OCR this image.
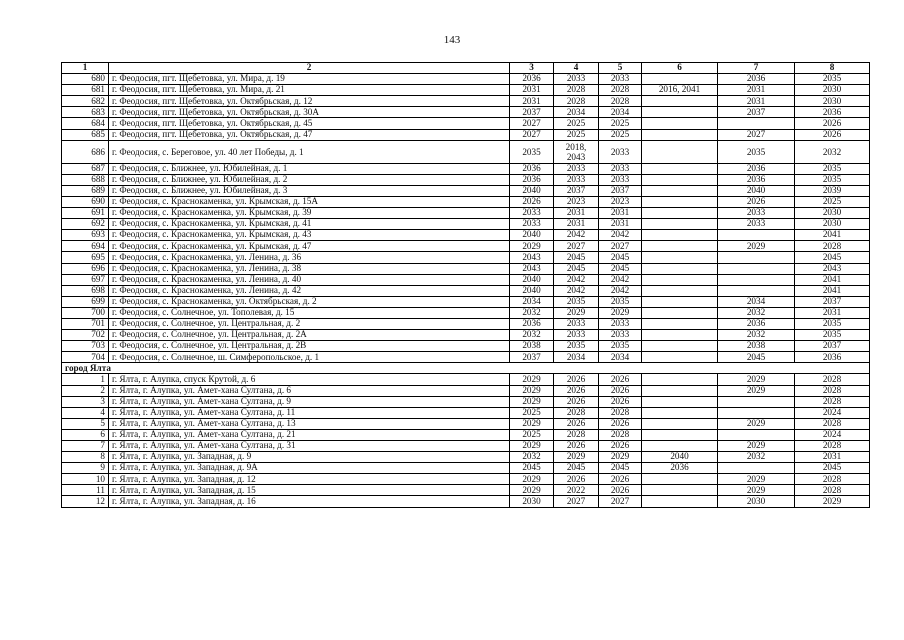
143
1	2	3	4	5	6	7	8
680	г. Феодосия, пгт. Щебетовка, ул. Мира, д. 19	2036	2033	2033		2036	2035
681	г. Феодосия, пгт. Щебетовка, ул. Мира, д. 21	2031	2028	2028	2016, 2041	2031	2030
682	г. Феодосия, пгт. Щебетовка, ул. Октябрьская, д. 12	2031	2028	2028		2031	2030
683	г. Феодосия, пгт. Щебетовка, ул. Октябрьская, д. 30А	2037	2034	2034		2037	2036
684	г. Феодосия, пгт. Щебетовка, ул. Октябрьская, д. 45	2027	2025	2025			2026
685	г. Феодосия, пгт. Щебетовка, ул. Октябрьская, д. 47	2027	2025	2025		2027	2026
686	г. Феодосия, с. Береговое, ул. 40 лет Победы, д. 1	2035	2018, 2043	2033		2035	2032
687	г. Феодосия, с. Ближнее, ул. Юбилейная, д. 1	2036	2033	2033		2036	2035
688	г. Феодосия, с. Ближнее, ул. Юбилейная, д. 2	2036	2033	2033		2036	2035
689	г. Феодосия, с. Ближнее, ул. Юбилейная, д. 3	2040	2037	2037		2040	2039
690	г. Феодосия, с. Краснокаменка, ул. Крымская, д. 15А	2026	2023	2023		2026	2025
691	г. Феодосия, с. Краснокаменка, ул. Крымская, д. 39	2033	2031	2031		2033	2030
692	г. Феодосия, с. Краснокаменка, ул. Крымская, д. 41	2033	2031	2031		2033	2030
693	г. Феодосия, с. Краснокаменка, ул. Крымская, д. 43	2040	2042	2042			2041
694	г. Феодосия, с. Краснокаменка, ул. Крымская, д. 47	2029	2027	2027		2029	2028
695	г. Феодосия, с. Краснокаменка, ул. Ленина, д. 36	2043	2045	2045			2045
696	г. Феодосия, с. Краснокаменка, ул. Ленина, д. 38	2043	2045	2045			2043
697	г. Феодосия, с. Краснокаменка, ул. Ленина, д. 40	2040	2042	2042			2041
698	г. Феодосия, с. Краснокаменка, ул. Ленина, д. 42	2040	2042	2042			2041
699	г. Феодосия, с. Краснокаменка, ул. Октябрьская, д. 2	2034	2035	2035		2034	2037
700	г. Феодосия, с. Солнечное, ул. Тополевая, д. 15	2032	2029	2029		2032	2031
701	г. Феодосия, с. Солнечное, ул. Центральная, д. 2	2036	2033	2033		2036	2035
702	г. Феодосия, с. Солнечное, ул. Центральная, д. 2А	2032	2033	2033		2032	2035
703	г. Феодосия, с. Солнечное, ул. Центральная, д. 2В	2038	2035	2035		2038	2037
704	г. Феодосия, с. Солнечное, ш. Симферопольское, д. 1	2037	2034	2034		2045	2036
город Ялта							
1	г. Ялта, г. Алупка, спуск Крутой, д. 6	2029	2026	2026		2029	2028
2	г. Ялта, г. Алупка, ул. Амет-хана Султана, д. 6	2029	2026	2026		2029	2028
3	г. Ялта, г. Алупка, ул. Амет-хана Султана, д. 9	2029	2026	2026			2028
4	г. Ялта, г. Алупка, ул. Амет-хана Султана, д. 11	2025	2028	2028			2024
5	г. Ялта, г. Алупка, ул. Амет-хана Султана, д. 13	2029	2026	2026		2029	2028
6	г. Ялта, г. Алупка, ул. Амет-хана Султана, д. 21	2025	2028	2028			2024
7	г. Ялта, г. Алупка, ул. Амет-хана Султана, д. 31	2029	2026	2026		2029	2028
8	г. Ялта, г. Алупка, ул. Западная, д. 9	2032	2029	2029	2040	2032	2031
9	г. Ялта, г. Алупка, ул. Западная, д. 9А	2045	2045	2045	2036		2045
10	г. Ялта, г. Алупка, ул. Западная, д. 12	2029	2026	2026		2029	2028
11	г. Ялта, г. Алупка, ул. Западная, д. 15	2029	2022	2026		2029	2028
12	г. Ялта, г. Алупка, ул. Западная, д. 16	2030	2027	2027		2030	2029
